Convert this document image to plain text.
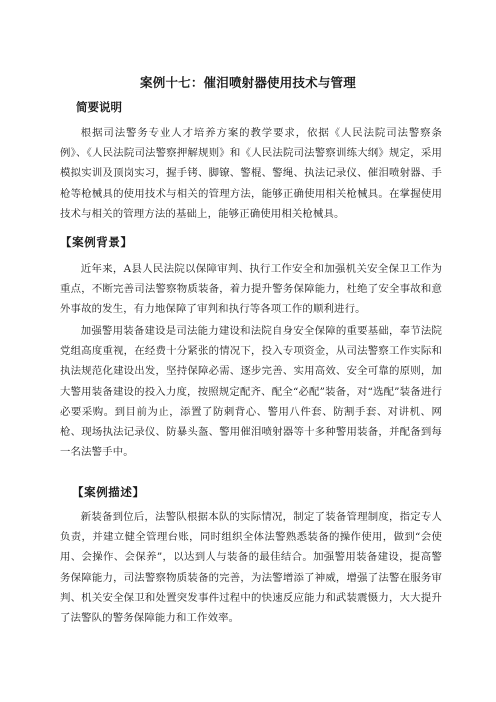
案例十七：催泪喷射器使用技术与管理
简要说明

根据司法警务专业人才培养方案的教学要求，依据《人民法院司法警察条例》、《人民法院司法警察押解规则》和《人民法院司法警察训练大纲》规定，采用模拟实训及顶岗实习，握手铐、脚镣、警棍、警绳、执法记录仪、催泪喷射器、手枪等枪械具的使用技术与相关的管理方法，能够正确使用相关枪械具。在掌握使用技术与相关的管理方法的基础上，能够正确使用相关枪械具。

【案例背景】

近年来，A县人民法院以保障审判、执行工作安全和加强机关安全保卫工作为重点，不断完善司法警察物质装备，着力提升警务保障能力，杜绝了安全事故和意外事故的发生，有力地保障了审判和执行等各项工作的顺利进行。

加强警用装备建设是司法能力建设和法院自身安全保障的重要基础，奉节法院党组高度重视，在经费十分紧张的情况下，投入专项资金，从司法警察工作实际和执法规范化建设出发，坚持保障必需、逐步完善、实用高效、安全可靠的原则，加大警用装备建设的投入力度，按照规定配齐、配全“必配”装备，对“选配”装备进行必要采购。到目前为止，添置了防刺背心、警用八件套、防割手套、对讲机、网枪、现场执法记录仪、防暴头盔、警用催泪喷射器等十多种警用装备，并配备到每一名法警手中。

【案例描述】

新装备到位后，法警队根据本队的实际情况，制定了装备管理制度，指定专人负责，并建立健全管理台账，同时组织全体法警熟悉装备的操作使用，做到“会使用、会操作、会保养”，以达到人与装备的最佳结合。加强警用装备建设，提高警务保障能力，司法警察物质装备的完善，为法警增添了神威，增强了法警在服务审判、机关安全保卫和处置突发事件过程中的快速反应能力和武装震慑力，大大提升了法警队的警务保障能力和工作效率。
